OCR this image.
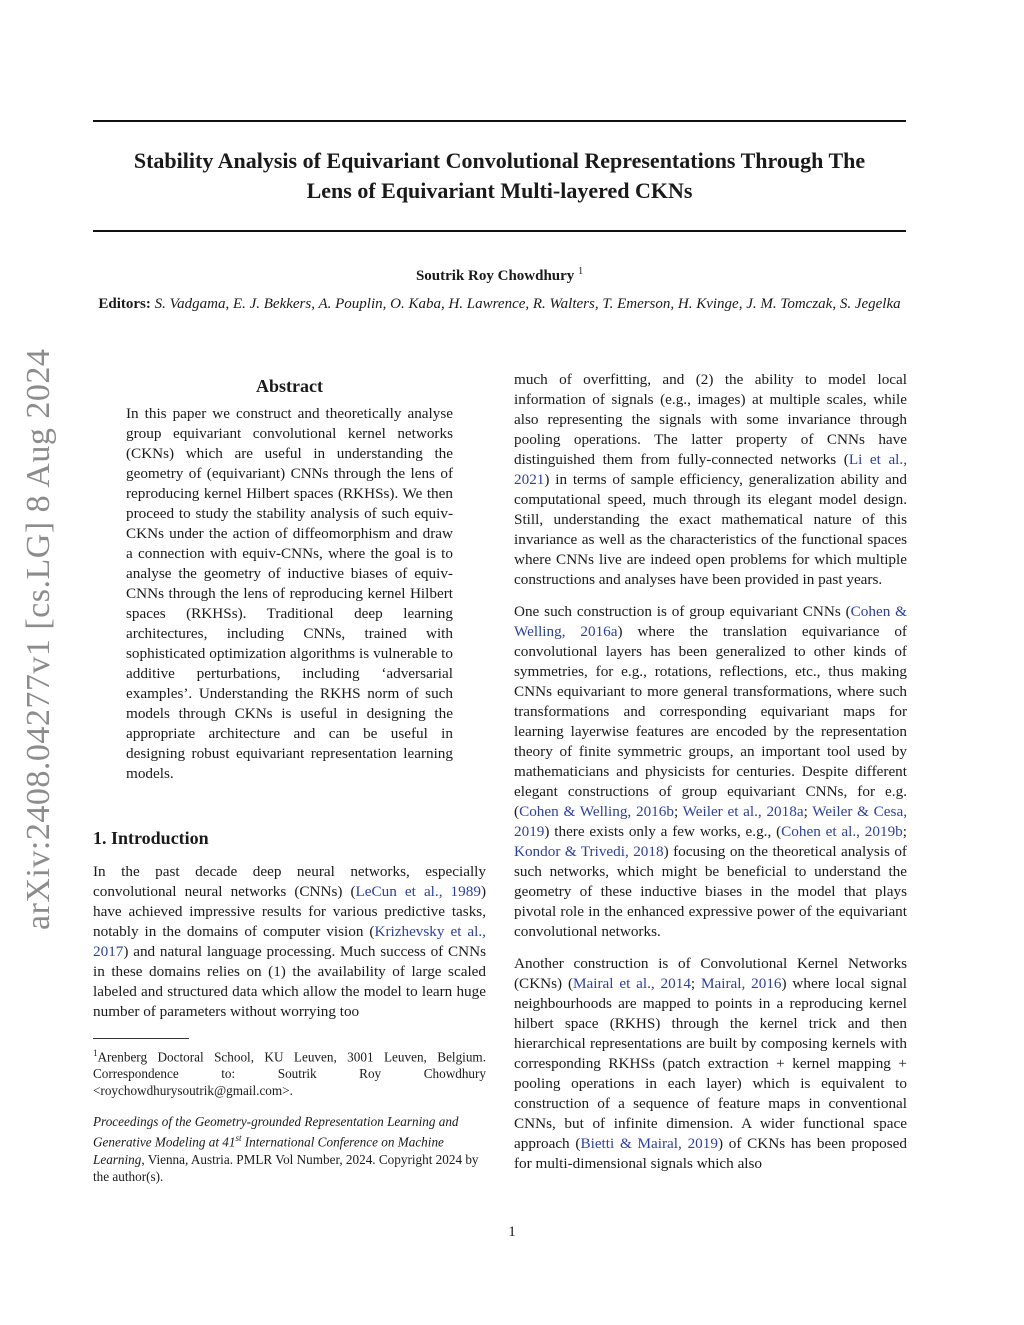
Stability Analysis of Equivariant Convolutional Representations Through The
Lens of Equivariant Multi-layered CKNs

Soutrik Roy Chowdhury $^1$

Editors: S. Vadgama, E. J. Bekkers, A. Pouplin, O. Kaba, H. Lawrence, R. Walters, T. Emerson, H. Kvinge, J. M. Tomczak, S. Jegelka

arXiv:2408.04277v1 [cs.LG] 8 Aug 2024	Abstract

In this paper we construct and theoretically analyse group equivariant convolutional kernel networks (CKNs) which are useful in understanding the geometry of (equivariant) CNNs through the lens of reproducing kernel Hilbert spaces (RKHSs). We then proceed to study the stability analysis of such equiv-CKNs under the action of diffeomorphism and draw a connection with equiv-CNNs, where the goal is to analyse the geometry of inductive biases of equiv-CNNs through the lens of reproducing kernel Hilbert spaces (RKHSs). Traditional deep learning architectures, including CNNs, trained with sophisticated optimization algorithms is vulnerable to additive perturbations, including ‘adversarial examples’. Understanding the RKHS norm of such models through CKNs is useful in designing the appropriate architecture and can be useful in designing robust equivariant representation learning models.

1. Introduction

In the past decade deep neural networks, especially convolutional neural networks (CNNs) (LeCun et al., 1989) have achieved impressive results for various predictive tasks, notably in the domains of computer vision (Krizhevsky et al., 2017) and natural language processing. Much success of CNNs in these domains relies on (1) the availability of large scaled labeled and structured data which allow the model to learn huge number of parameters without worrying too

$^1$Arenberg Doctoral School, KU Leuven, 3001 Leuven, Belgium. Correspondence to: Soutrik Roy Chowdhury <roychowdhurysoutrik@gmail.com>.

Proceedings of the Geometry-grounded Representation Learning and Generative Modeling at 41st International Conference on Machine Learning, Vienna, Austria. PMLR Vol Number, 2024. Copyright 2024 by the author(s).

much of overfitting, and (2) the ability to model local information of signals (e.g., images) at multiple scales, while also representing the signals with some invariance through pooling operations. The latter property of CNNs have distinguished them from fully-connected networks (Li et al., 2021) in terms of sample efficiency, generalization ability and computational speed, much through its elegant model design. Still, understanding the exact mathematical nature of this invariance as well as the characteristics of the functional spaces where CNNs live are indeed open problems for which multiple constructions and analyses have been provided in past years.

One such construction is of group equivariant CNNs (Cohen & Welling, 2016a) where the translation equivariance of convolutional layers has been generalized to other kinds of symmetries, for e.g., rotations, reflections, etc., thus making CNNs equivariant to more general transformations, where such transformations and corresponding equivariant maps for learning layerwise features are encoded by the representation theory of finite symmetric groups, an important tool used by mathematicians and physicists for centuries. Despite different elegant constructions of group equivariant CNNs, for e.g. (Cohen & Welling, 2016b; Weiler et al., 2018a; Weiler & Cesa, 2019) there exists only a few works, e.g., (Cohen et al., 2019b; Kondor & Trivedi, 2018) focusing on the theoretical analysis of such networks, which might be beneficial to understand the geometry of these inductive biases in the model that plays pivotal role in the enhanced expressive power of the equivariant convolutional networks.

Another construction is of Convolutional Kernel Networks (CKNs) (Mairal et al., 2014; Mairal, 2016) where local signal neighbourhoods are mapped to points in a reproducing kernel hilbert space (RKHS) through the kernel trick and then hierarchical representations are built by composing kernels with corresponding RKHSs (patch extraction + kernel mapping + pooling operations in each layer) which is equivalent to construction of a sequence of feature maps in conventional CNNs, but of infinite dimension. A wider functional space approach (Bietti & Mairal, 2019) of CKNs has been proposed for multi-dimensional signals which also

1
